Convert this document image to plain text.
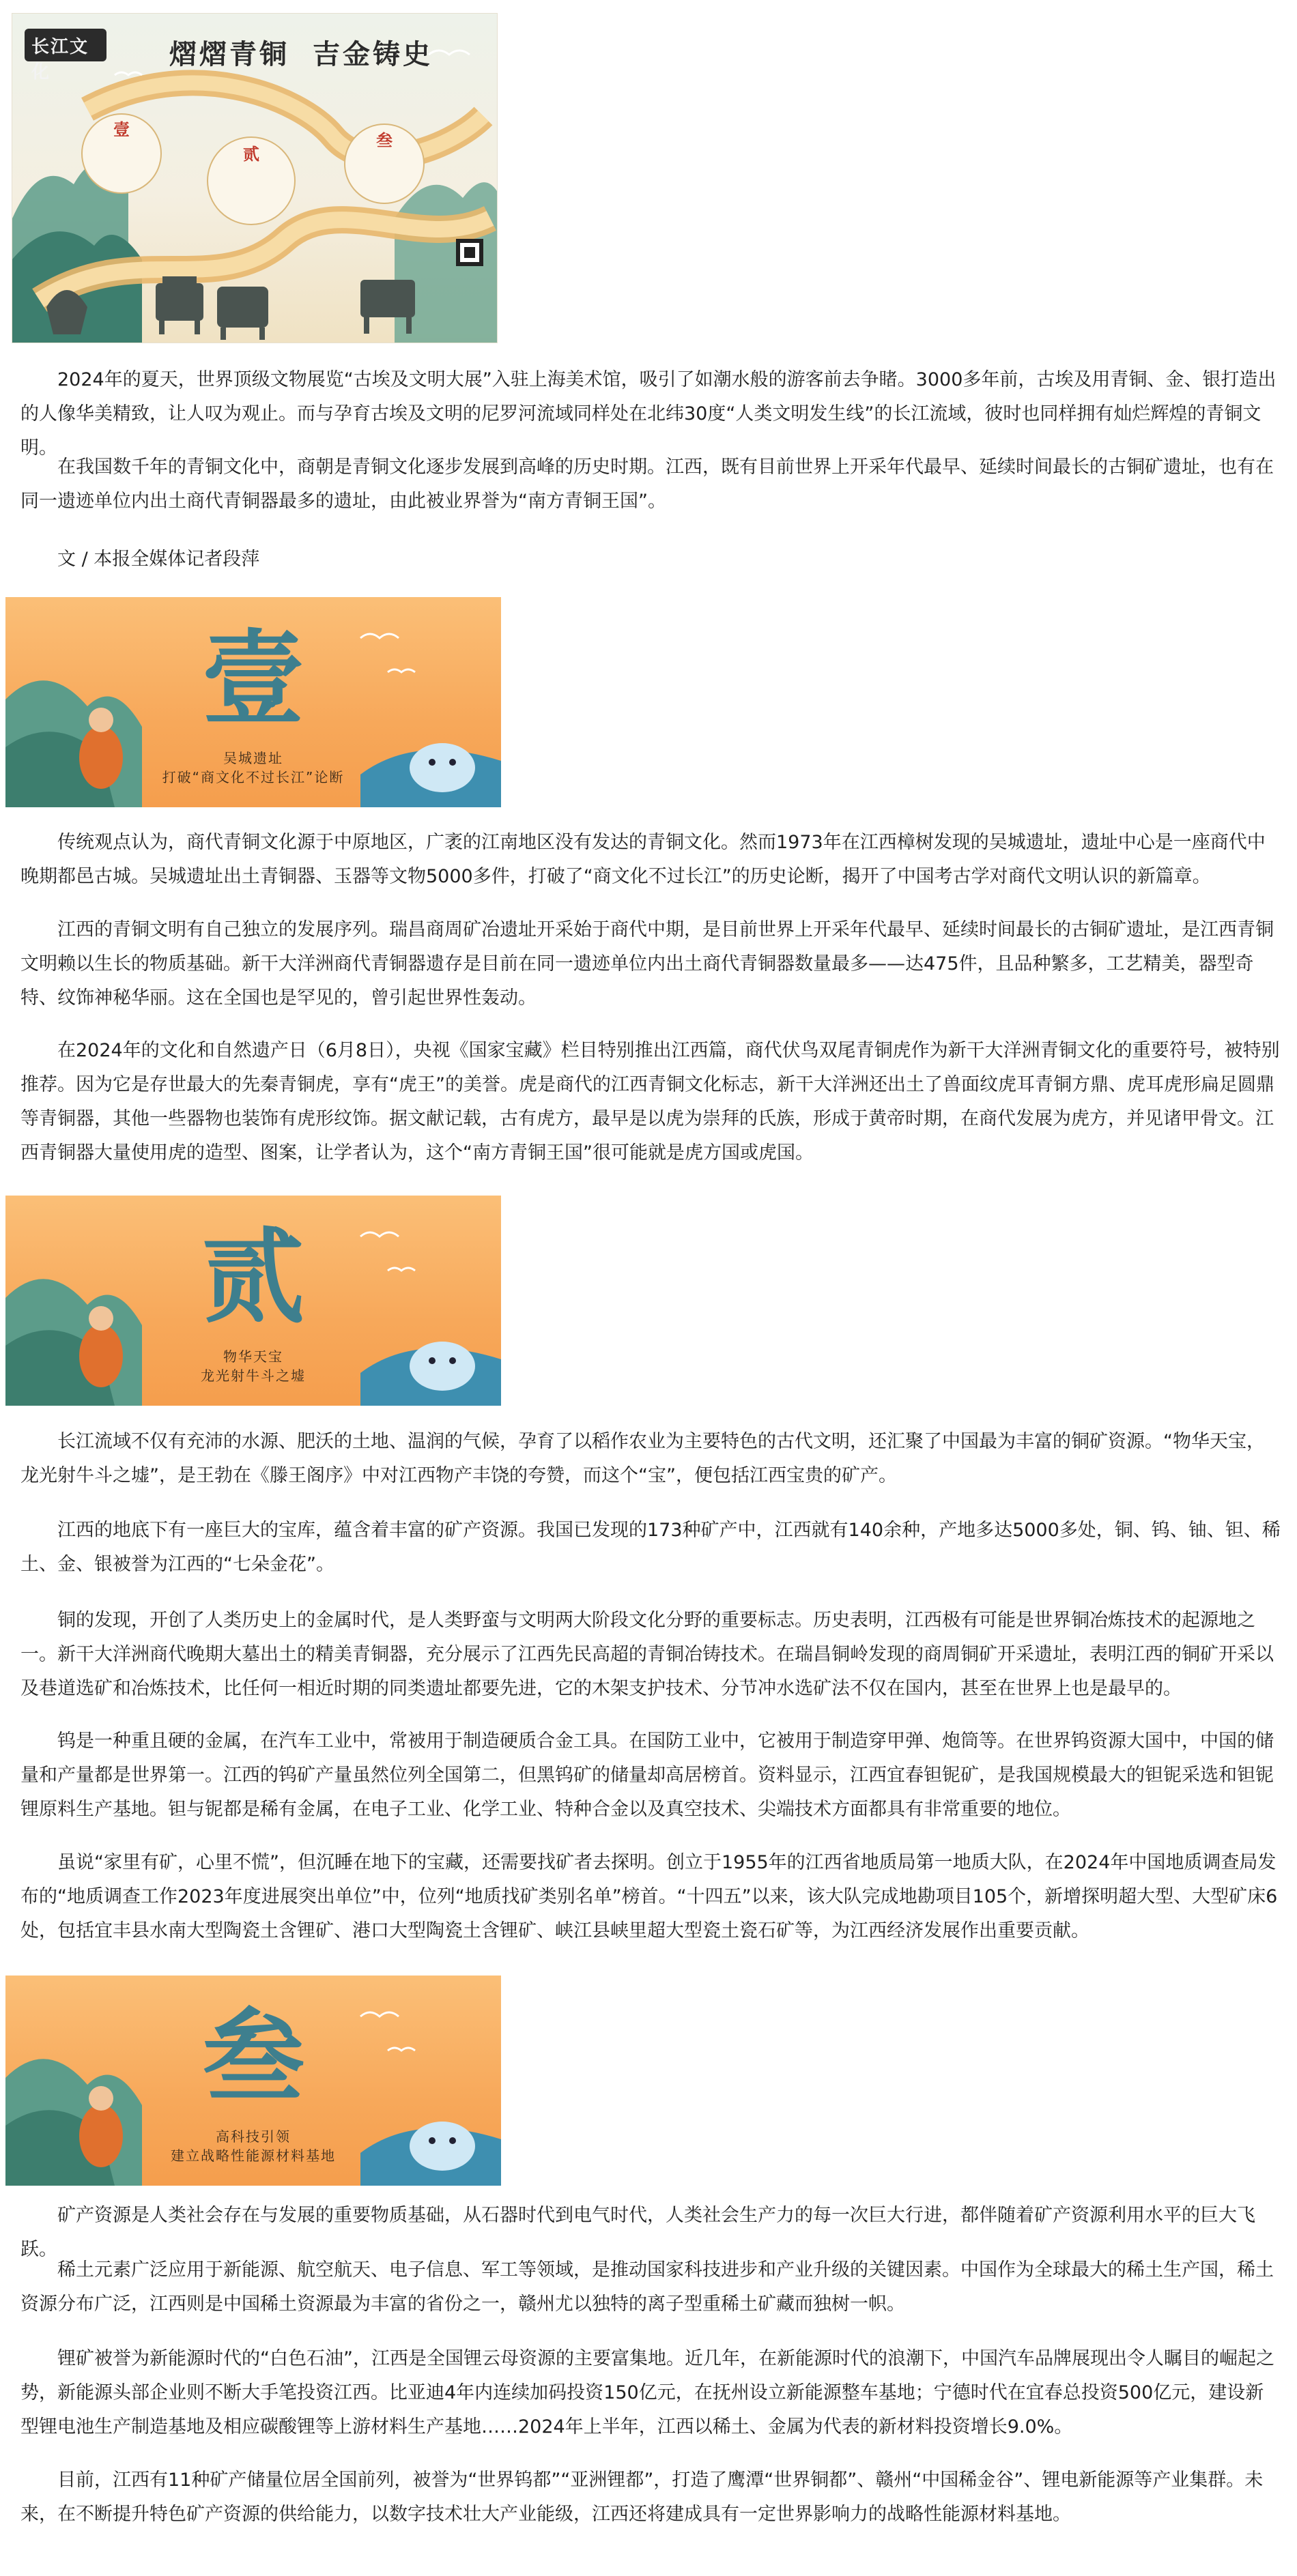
长江文化
熠熠青铜 吉金铸史
壹
贰
叁

2024年的夏天，世界顶级文物展览“古埃及文明大展”入驻上海美术馆，吸引了如潮水般的游客前去争睹。3000多年前，古埃及用青铜、金、银打造出的人像华美精致，让人叹为观止。而与孕育古埃及文明的尼罗河流域同样处在北纬30度“人类文明发生线”的长江流域，彼时也同样拥有灿烂辉煌的青铜文明。

在我国数千年的青铜文化中，商朝是青铜文化逐步发展到高峰的历史时期。江西，既有目前世界上开采年代最早、延续时间最长的古铜矿遗址，也有在同一遗迹单位内出土商代青铜器最多的遗址，由此被业界誉为“南方青铜王国”。

文 / 本报全媒体记者段萍

壹
吴城遗址
打破“商文化不过长江”论断

传统观点认为，商代青铜文化源于中原地区，广袤的江南地区没有发达的青铜文化。然而1973年在江西樟树发现的吴城遗址，遗址中心是一座商代中晚期都邑古城。吴城遗址出土青铜器、玉器等文物5000多件，打破了“商文化不过长江”的历史论断，揭开了中国考古学对商代文明认识的新篇章。

江西的青铜文明有自己独立的发展序列。瑞昌商周矿冶遗址开采始于商代中期，是目前世界上开采年代最早、延续时间最长的古铜矿遗址，是江西青铜文明赖以生长的物质基础。新干大洋洲商代青铜器遗存是目前在同一遗迹单位内出土商代青铜器数量最多——达475件，且品种繁多，工艺精美，器型奇特、纹饰神秘华丽。这在全国也是罕见的，曾引起世界性轰动。

在2024年的文化和自然遗产日（6月8日），央视《国家宝藏》栏目特别推出江西篇，商代伏鸟双尾青铜虎作为新干大洋洲青铜文化的重要符号，被特别推荐。因为它是存世最大的先秦青铜虎，享有“虎王”的美誉。虎是商代的江西青铜文化标志，新干大洋洲还出土了兽面纹虎耳青铜方鼎、虎耳虎形扁足圆鼎等青铜器，其他一些器物也装饰有虎形纹饰。据文献记载，古有虎方，最早是以虎为崇拜的氏族，形成于黄帝时期，在商代发展为虎方，并见诸甲骨文。江西青铜器大量使用虎的造型、图案，让学者认为，这个“南方青铜王国”很可能就是虎方国或虎国。

贰
物华天宝
龙光射牛斗之墟

长江流域不仅有充沛的水源、肥沃的土地、温润的气候，孕育了以稻作农业为主要特色的古代文明，还汇聚了中国最为丰富的铜矿资源。“物华天宝，龙光射牛斗之墟”，是王勃在《滕王阁序》中对江西物产丰饶的夸赞，而这个“宝”，便包括江西宝贵的矿产。

江西的地底下有一座巨大的宝库，蕴含着丰富的矿产资源。我国已发现的173种矿产中，江西就有140余种，产地多达5000多处，铜、钨、铀、钽、稀土、金、银被誉为江西的“七朵金花”。

铜的发现，开创了人类历史上的金属时代，是人类野蛮与文明两大阶段文化分野的重要标志。历史表明，江西极有可能是世界铜冶炼技术的起源地之一。新干大洋洲商代晚期大墓出土的精美青铜器，充分展示了江西先民高超的青铜冶铸技术。在瑞昌铜岭发现的商周铜矿开采遗址，表明江西的铜矿开采以及巷道选矿和冶炼技术，比任何一相近时期的同类遗址都要先进，它的木架支护技术、分节冲水选矿法不仅在国内，甚至在世界上也是最早的。

钨是一种重且硬的金属，在汽车工业中，常被用于制造硬质合金工具。在国防工业中，它被用于制造穿甲弹、炮筒等。在世界钨资源大国中，中国的储量和产量都是世界第一。江西的钨矿产量虽然位列全国第二，但黑钨矿的储量却高居榜首。资料显示，江西宜春钽铌矿，是我国规模最大的钽铌采选和钽铌锂原料生产基地。钽与铌都是稀有金属，在电子工业、化学工业、特种合金以及真空技术、尖端技术方面都具有非常重要的地位。

虽说“家里有矿，心里不慌”，但沉睡在地下的宝藏，还需要找矿者去探明。创立于1955年的江西省地质局第一地质大队，在2024年中国地质调查局发布的“地质调查工作2023年度进展突出单位”中，位列“地质找矿类别名单”榜首。“十四五”以来，该大队完成地勘项目105个，新增探明超大型、大型矿床6处，包括宜丰县水南大型陶瓷土含锂矿、港口大型陶瓷土含锂矿、峡江县峡里超大型瓷土瓷石矿等，为江西经济发展作出重要贡献。

叁
高科技引领
建立战略性能源材料基地

矿产资源是人类社会存在与发展的重要物质基础，从石器时代到电气时代，人类社会生产力的每一次巨大行进，都伴随着矿产资源利用水平的巨大飞跃。

稀土元素广泛应用于新能源、航空航天、电子信息、军工等领域，是推动国家科技进步和产业升级的关键因素。中国作为全球最大的稀土生产国，稀土资源分布广泛，江西则是中国稀土资源最为丰富的省份之一，赣州尤以独特的离子型重稀土矿藏而独树一帜。

锂矿被誉为新能源时代的“白色石油”，江西是全国锂云母资源的主要富集地。近几年，在新能源时代的浪潮下，中国汽车品牌展现出令人瞩目的崛起之势，新能源头部企业则不断大手笔投资江西。比亚迪4年内连续加码投资150亿元，在抚州设立新能源整车基地；宁德时代在宜春总投资500亿元，建设新型锂电池生产制造基地及相应碳酸锂等上游材料生产基地……2024年上半年，江西以稀土、金属为代表的新材料投资增长9.0%。

目前，江西有11种矿产储量位居全国前列，被誉为“世界钨都”“亚洲锂都”，打造了鹰潭“世界铜都”、赣州“中国稀金谷”、锂电新能源等产业集群。未来，在不断提升特色矿产资源的供给能力，以数字技术壮大产业能级，江西还将建成具有一定世界影响力的战略性能源材料基地。
